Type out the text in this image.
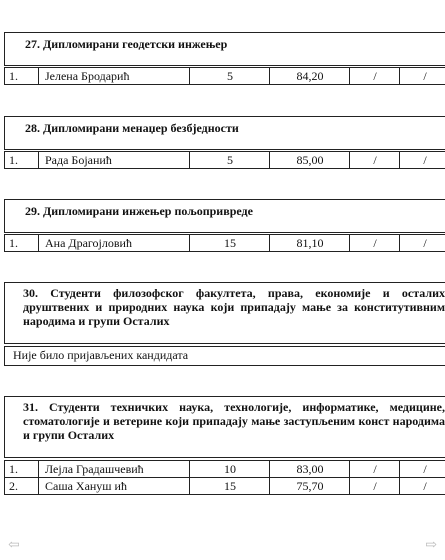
27. Дипломирани геодетски инжењер
1.	Јелена Бродарић	5	84,20	/	/
28. Дипломирани менаџер безбједности
1.	Рада Бојанић	5	85,00	/	/
29. Дипломирани инжењер пољопривреде
1.	Ана Драгојловић	15	81,10	/	/
30. Студенти филозофског факултета, права, економије и осталих друштвених и природних наука који припадају мање за конститутивним народима и групи Осталих
Није било пријављених кандидата
31. Студенти техничких наука, технологије, информатике, медицине, стоматологије и ветерине који припадају мање заступљеним конст народима и групи Осталих
1.	Лејла Градашчевић	10	83,00	/	/
2.	Саша Хануш ић	15	75,70	/	/
⇦	⇨
